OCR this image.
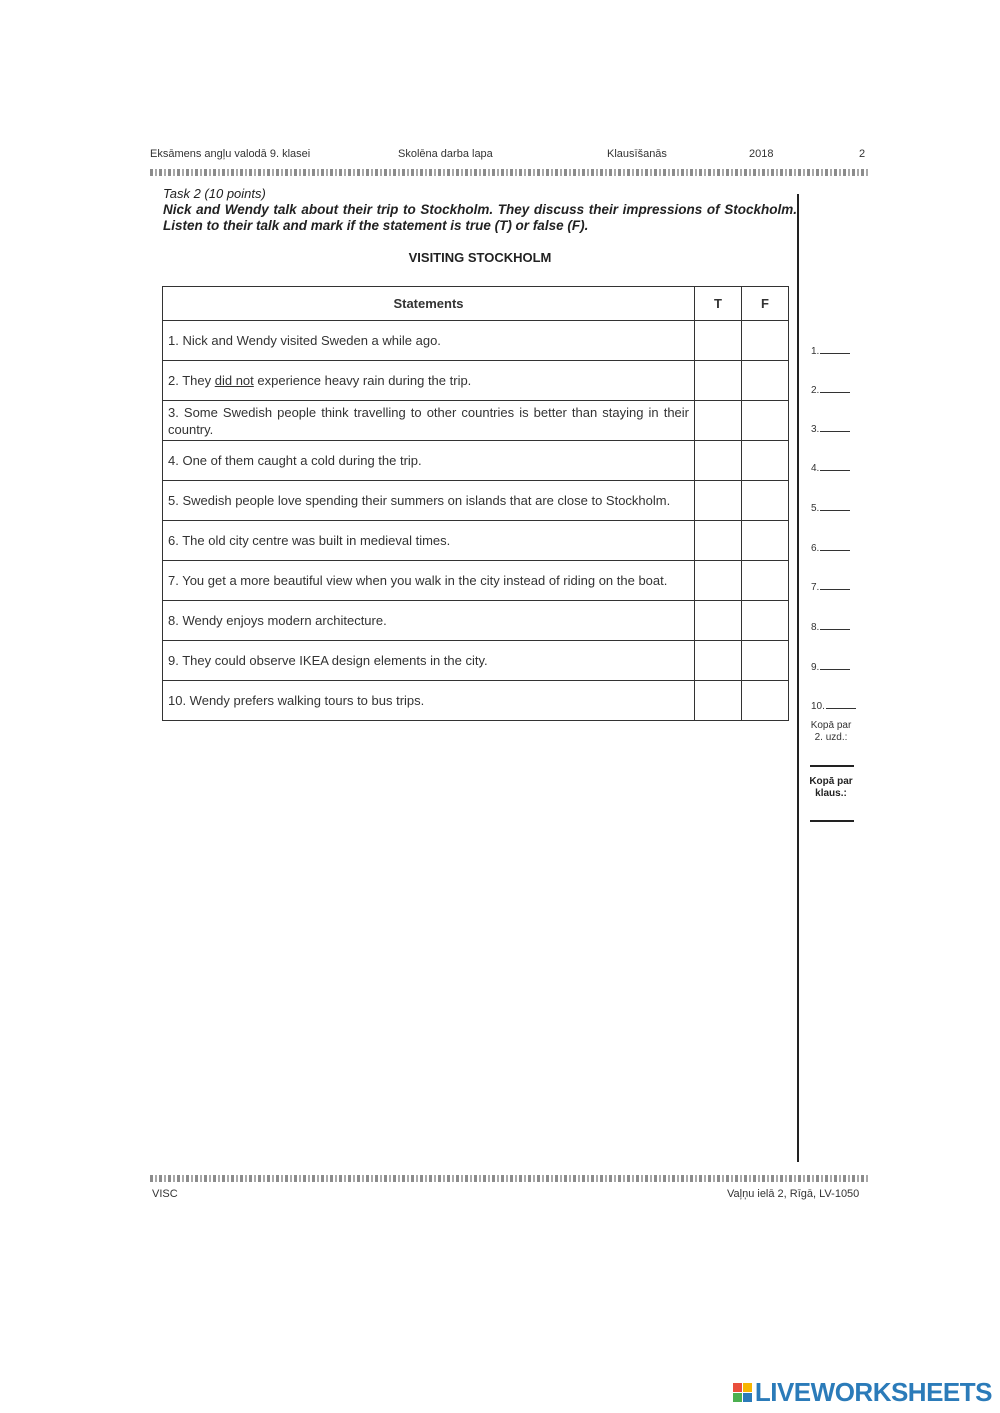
Eksāmens angļu valodā 9. klasei	Skolēna darba lapa	Klausīšanās	2018	2
Task 2 (10 points)
Nick and Wendy talk about their trip to Stockholm. They discuss their impressions of Stockholm. Listen to their talk and mark if the statement is true (T) or false (F).
VISITING STOCKHOLM
Statements	T	F
1. Nick and Wendy visited Sweden a while ago.		
2. They did not experience heavy rain during the trip.		
3. Some Swedish people think travelling to other countries is better than staying in their country.		
4. One of them caught a cold during the trip.		
5. Swedish people love spending their summers on islands that are close to Stockholm.		
6. The old city centre was built in medieval times.		
7. You get a more beautiful view when you walk in the city instead of riding on the boat.		
8. Wendy enjoys modern architecture.		
9. They could observe IKEA design elements in the city.		
10. Wendy prefers walking tours to bus trips.		
1.
2.
3.
4.
5.
6.
7.
8.
9.
10.
Kopā par
2. uzd.:
Kopā par
klaus.:
VISC	Vaļņu ielā 2, Rīgā, LV-1050
LIVEWORKSHEETS
